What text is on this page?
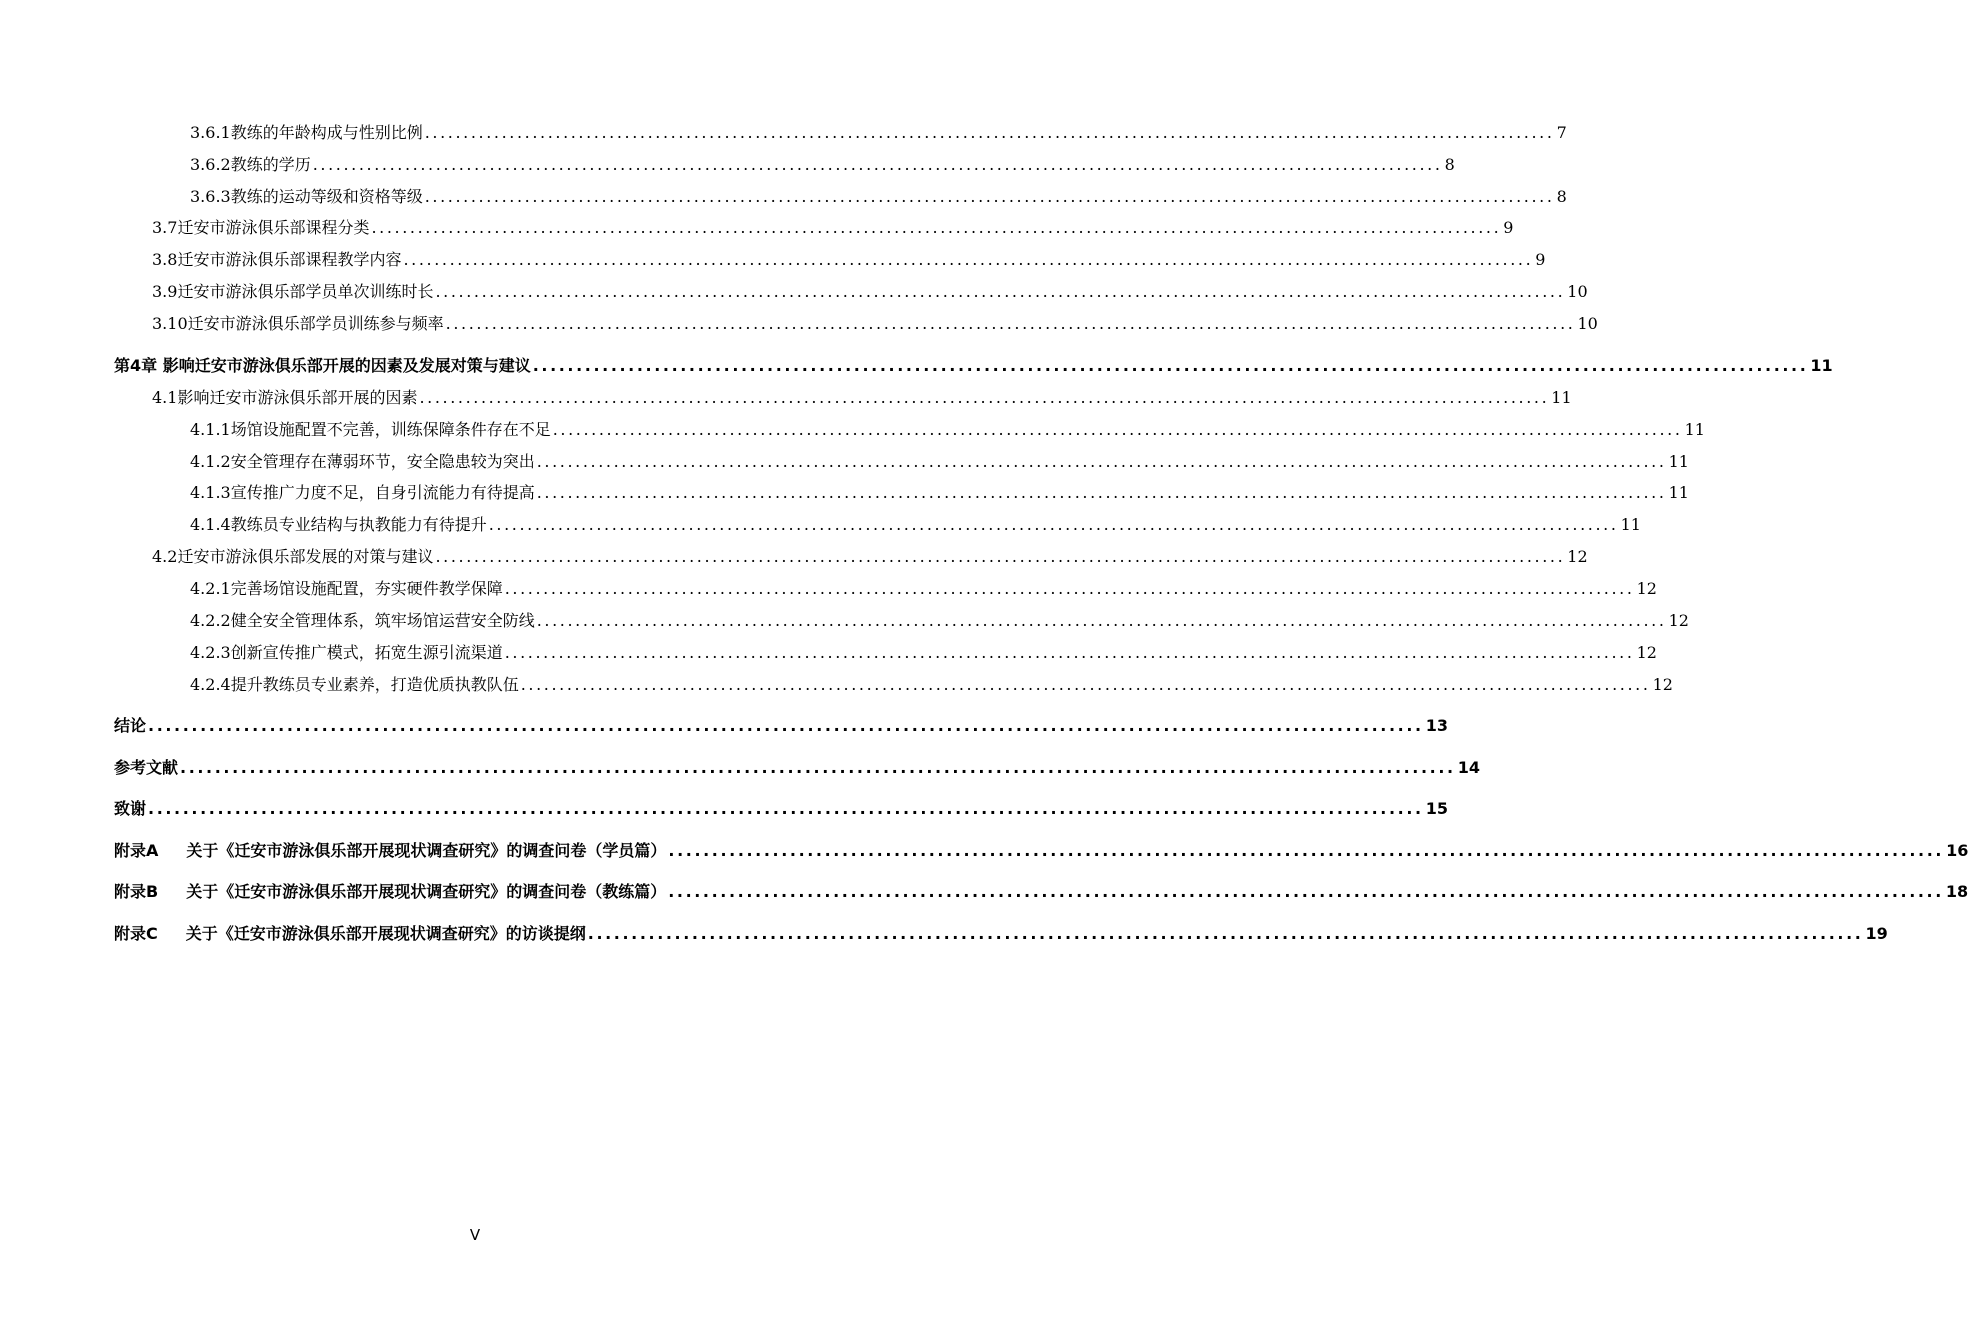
3.6.1教练的年龄构成与性别比例 ................................................................................................................................................... 7
3.6.2教练的学历 ................................................................................................................................................... 8
3.6.3教练的运动等级和资格等级 ................................................................................................................................................... 8
3.7迁安市游泳俱乐部课程分类 ................................................................................................................................................... 9
3.8迁安市游泳俱乐部课程教学内容 ................................................................................................................................................... 9
3.9迁安市游泳俱乐部学员单次训练时长 ................................................................................................................................................... 10
3.10迁安市游泳俱乐部学员训练参与频率 ................................................................................................................................................... 10
第4章 影响迁安市游泳俱乐部开展的因素及发展对策与建议 ................................................................................................................................................... 11
4.1影响迁安市游泳俱乐部开展的因素 ................................................................................................................................................... 11
4.1.1场馆设施配置不完善，训练保障条件存在不足 ................................................................................................................................................... 11
4.1.2安全管理存在薄弱环节，安全隐患较为突出 ................................................................................................................................................... 11
4.1.3宣传推广力度不足，自身引流能力有待提高 ................................................................................................................................................... 11
4.1.4教练员专业结构与执教能力有待提升 ................................................................................................................................................... 11
4.2迁安市游泳俱乐部发展的对策与建议 ................................................................................................................................................... 12
4.2.1完善场馆设施配置，夯实硬件教学保障 ................................................................................................................................................... 12
4.2.2健全安全管理体系，筑牢场馆运营安全防线 ................................................................................................................................................... 12
4.2.3创新宣传推广模式，拓宽生源引流渠道 ................................................................................................................................................... 12
4.2.4提升教练员专业素养，打造优质执教队伍 ................................................................................................................................................... 12
结论 ................................................................................................................................................... 13
参考文献 ................................................................................................................................................... 14
致谢 ................................................................................................................................................... 15
附录A 关于《迁安市游泳俱乐部开展现状调查研究》的调查问卷（学员篇） ................................................................................................................................................... 16
附录B 关于《迁安市游泳俱乐部开展现状调查研究》的调查问卷（教练篇） ................................................................................................................................................... 18
附录C 关于《迁安市游泳俱乐部开展现状调查研究》的访谈提纲 ................................................................................................................................................... 19
V
